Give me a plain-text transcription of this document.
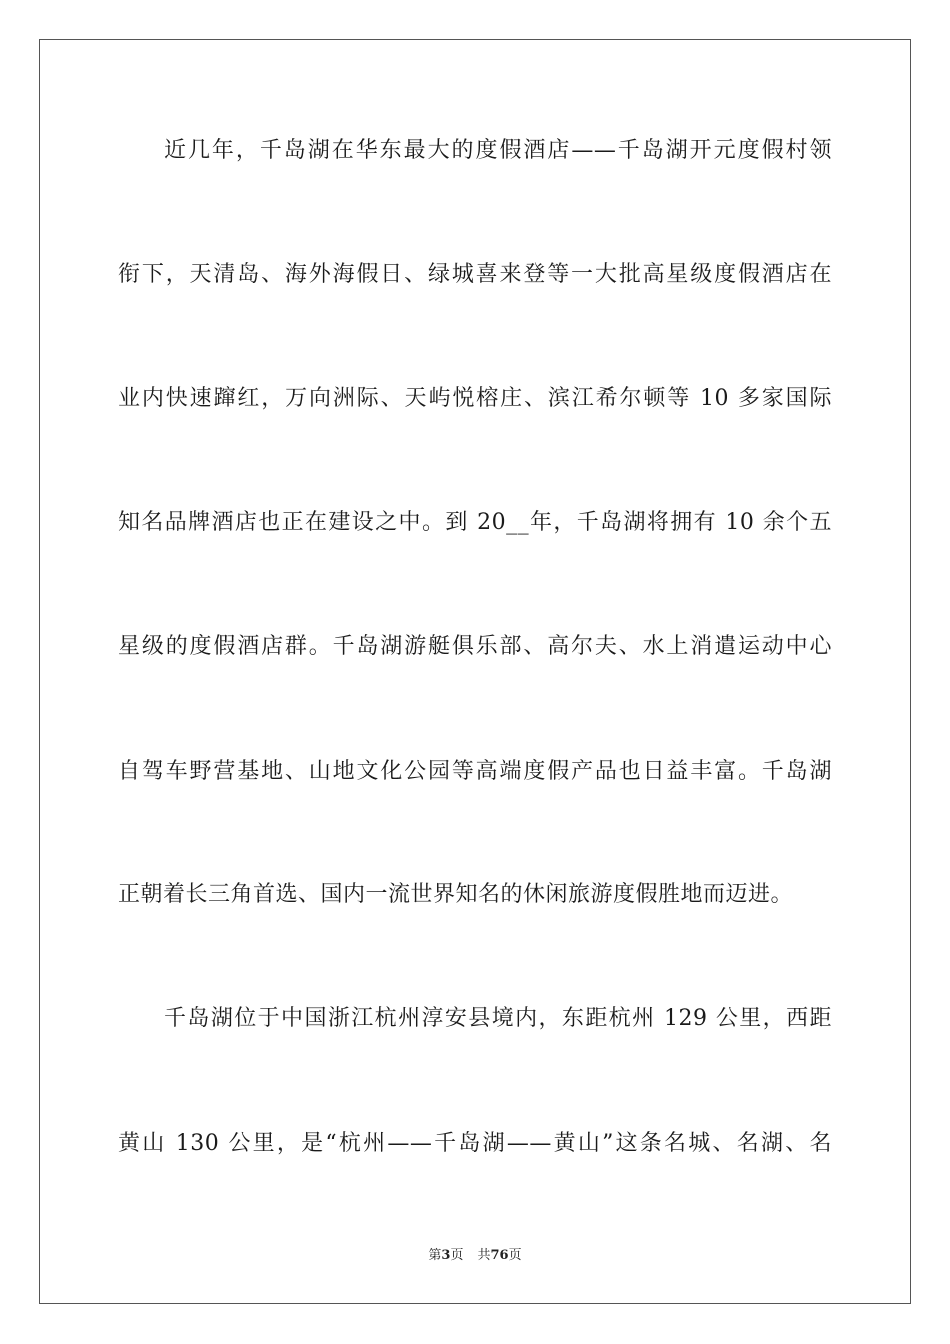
近几年，千岛湖在华东最大的度假酒店——千岛湖开元度假村领
衔下，天清岛、海外海假日、绿城喜来登等一大批高星级度假酒店在
业内快速蹿红，万向洲际、天屿悦榕庄、滨江希尔顿等 10 多家国际
知名品牌酒店也正在建设之中。到 20__年，千岛湖将拥有 10 余个五
星级的度假酒店群。千岛湖游艇俱乐部、高尔夫、水上消遣运动中心
自驾车野营基地、山地文化公园等高端度假产品也日益丰富。千岛湖
正朝着长三角首选、国内一流世界知名的休闲旅游度假胜地而迈进。
千岛湖位于中国浙江杭州淳安县境内，东距杭州 129 公里，西距
黄山 130 公里，是“杭州——千岛湖——黄山”这条名城、名湖、名
第3页 共76页
